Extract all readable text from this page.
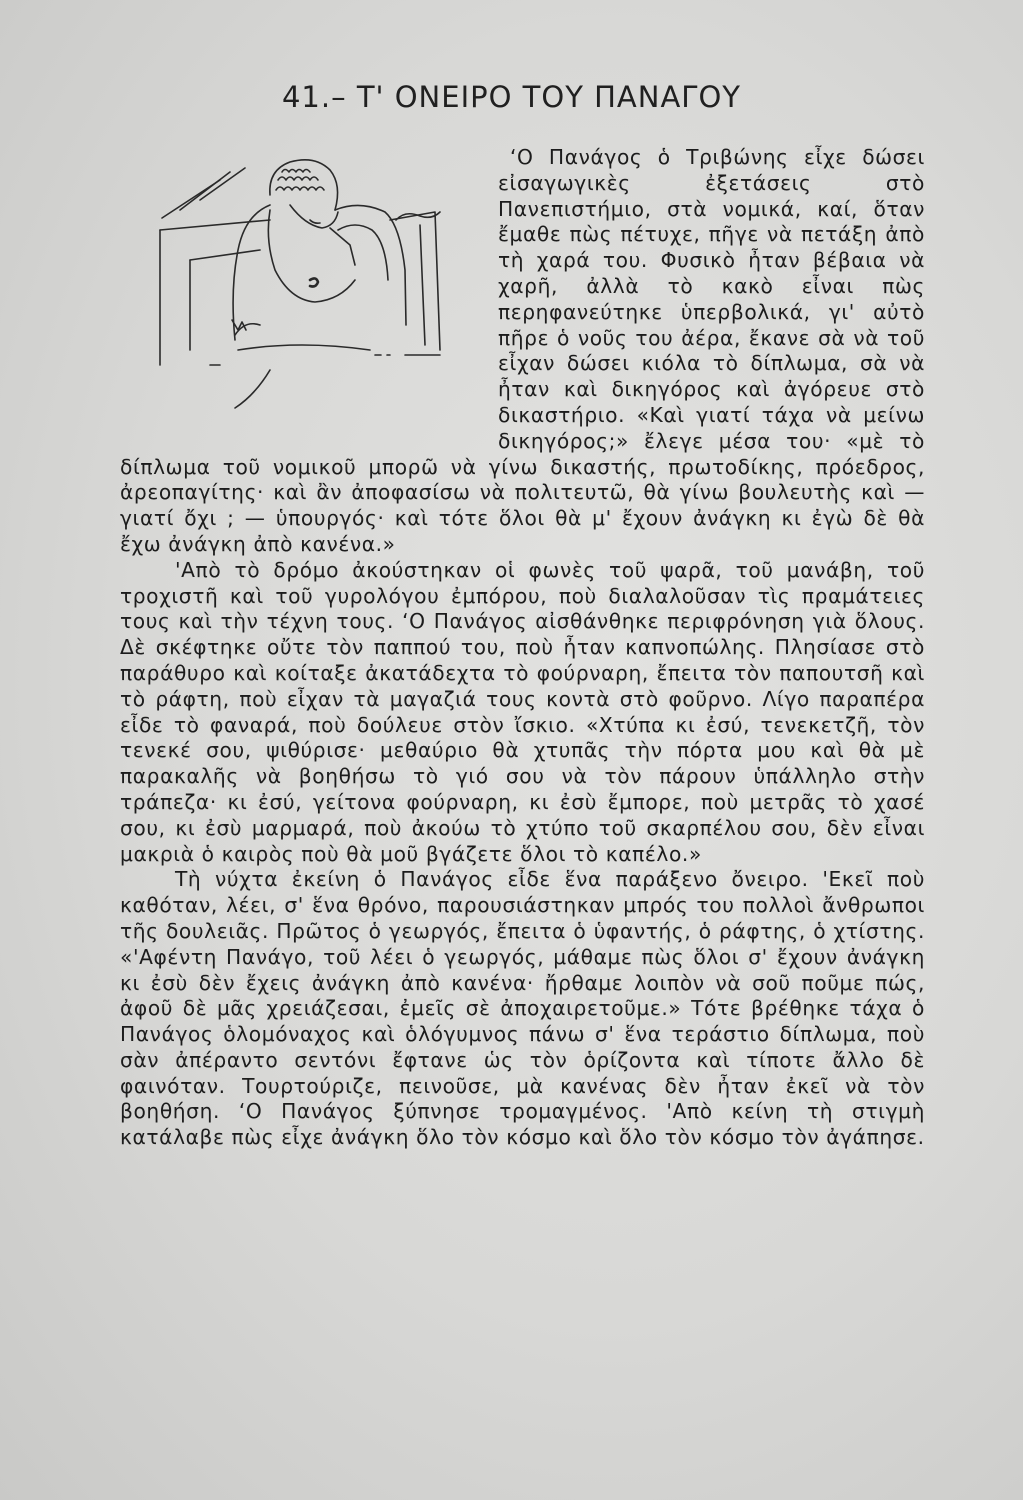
41.– Τ' ΟΝΕΙΡΟ ΤΟΥ ΠΑΝΑΓΟΥ

‘Ο Πανάγος ὁ Τριβώνης εἶχε δώσει εἰσαγωγικὲς ἐξετάσεις στὸ Πανεπιστήμιο, στὰ νομικά, καί, ὅταν ἔμαθε πὼς πέτυχε, πῆγε νὰ πετάξη ἀπὸ τὴ χαρά του. Φυσικὸ ἦταν βέβαια νὰ χαρῆ, ἀλλὰ τὸ κακὸ εἶναι πὼς περηφανεύτηκε ὑπερβολικά, γι' αὐτὸ πῆρε ὁ νοῦς του ἀέρα, ἔκανε σὰ νὰ τοῦ εἶχαν δώσει κιόλα τὸ δίπλωμα, σὰ νὰ ἦταν καὶ δικηγόρος καὶ ἀγόρευε στὸ δικαστήριο. «Καὶ γιατί τάχα νὰ μείνω δικηγόρος;» ἔλεγε μέσα του· «μὲ τὸ δίπλωμα τοῦ νομικοῦ μπορῶ νὰ γίνω δικαστής, πρωτοδίκης, πρόεδρος, ἀρεοπαγίτης· καὶ ἂν ἀποφασίσω νὰ πολιτευτῶ, θὰ γίνω βουλευτὴς καὶ — γιατί ὄχι ; — ὑπουργός· καὶ τότε ὅλοι θὰ μ' ἔχουν ἀνάγκη κι ἐγὼ δὲ θὰ ἔχω ἀνάγκη ἀπὸ κανένα.»

'Απὸ τὸ δρόμο ἀκούστηκαν οἱ φωνὲς τοῦ ψαρᾶ, τοῦ μανάβη, τοῦ τροχιστῆ καὶ τοῦ γυρολόγου ἐμπόρου, ποὺ διαλαλοῦσαν τὶς πραμάτειες τους καὶ τὴν τέχνη τους. ‘Ο Πανάγος αἰσθάνθηκε περιφρόνηση γιὰ ὅλους. Δὲ σκέφτηκε οὔτε τὸν παππού του, ποὺ ἦταν καπνοπώλης. Πλησίασε στὸ παράθυρο καὶ κοίταξε ἀκατάδεχτα τὸ φούρναρη, ἔπειτα τὸν παπουτσῆ καὶ τὸ ράφτη, ποὺ εἶχαν τὰ μαγαζιά τους κοντὰ στὸ φοῦρνο. Λίγο παραπέρα εἶδε τὸ φαναρά, ποὺ δούλευε στὸν ἴσκιο. «Χτύπα κι ἐσύ, τενεκετζῆ, τὸν τενεκέ σου, ψιθύρισε· μεθαύριο θὰ χτυπᾶς τὴν πόρτα μου καὶ θὰ μὲ παρακαλῆς νὰ βοηθήσω τὸ γιό σου νὰ τὸν πάρουν ὑπάλληλο στὴν τράπεζα· κι ἐσύ, γείτονα φούρναρη, κι ἐσὺ ἔμπορε, ποὺ μετρᾶς τὸ χασέ σου, κι ἐσὺ μαρμαρά, ποὺ ἀκούω τὸ χτύπο τοῦ σκαρπέλου σου, δὲν εἶναι μακριὰ ὁ καιρὸς ποὺ θὰ μοῦ βγάζετε ὅλοι τὸ καπέλο.»

Τὴ νύχτα ἐκείνη ὁ Πανάγος εἶδε ἕνα παράξενο ὄνειρο. 'Εκεῖ ποὺ καθόταν, λέει, σ' ἕνα θρόνο, παρουσιάστηκαν μπρός του πολλοὶ ἄνθρωποι τῆς δουλειᾶς. Πρῶτος ὁ γεωργός, ἔπειτα ὁ ὑφαντής, ὁ ράφτης, ὁ χτίστης. «'Αφέντη Πανάγο, τοῦ λέει ὁ γεωργός, μάθαμε πὼς ὅλοι σ' ἔχουν ἀνάγκη κι ἐσὺ δὲν ἔχεις ἀνάγκη ἀπὸ κανένα· ἤρθαμε λοιπὸν νὰ σοῦ ποῦμε πώς, ἀφοῦ δὲ μᾶς χρειάζεσαι, ἐμεῖς σὲ ἀποχαιρετοῦμε.» Τότε βρέθηκε τάχα ὁ Πανάγος ὁλομόναχος καὶ ὁλόγυμνος πάνω σ' ἕνα τεράστιο δίπλωμα, ποὺ σὰν ἀπέραντο σεντόνι ἔφτανε ὡς τὸν ὁρίζοντα καὶ τίποτε ἄλλο δὲ φαινόταν. Τουρτούριζε, πεινοῦσε, μὰ κανένας δὲν ἦταν ἐκεῖ νὰ τὸν βοηθήση. ‘Ο Πανάγος ξύπνησε τρομαγμένος. 'Απὸ κείνη τὴ στιγμὴ κατάλαβε πὼς εἶχε ἀνάγκη ὅλο τὸν κόσμο καὶ ὅλο τὸν κόσμο τὸν ἀγάπησε.
